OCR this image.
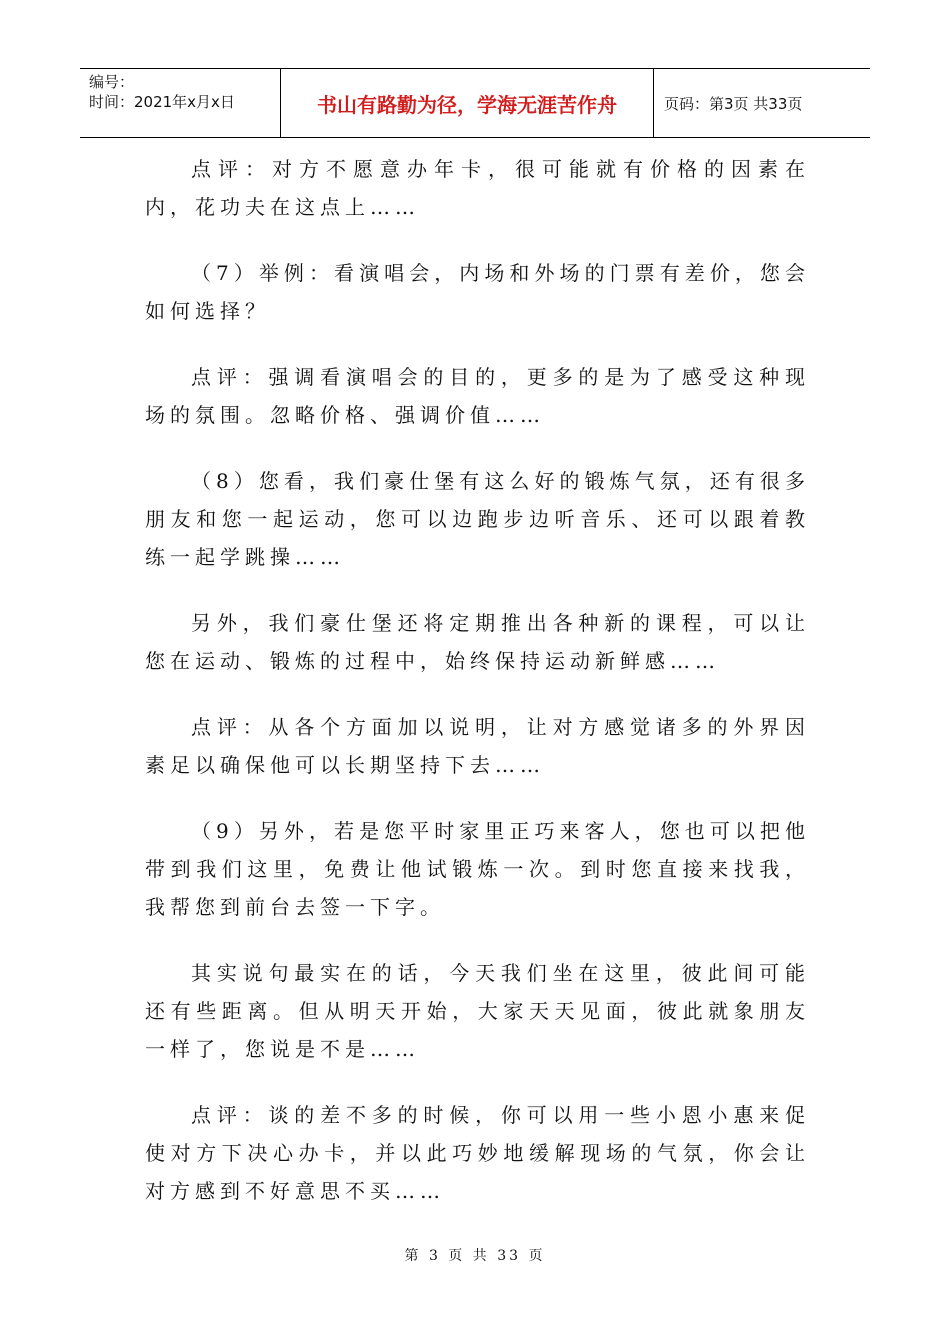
编号：
时间：2021年x月x日	书山有路勤为径，学海无涯苦作舟	页码：第3页 共33页

点评：对方不愿意办年卡，很可能就有价格的因素在内，花功夫在这点上……

（7）举例：看演唱会，内场和外场的门票有差价，您会如何选择？

点评：强调看演唱会的目的，更多的是为了感受这种现场的氛围。忽略价格、强调价值……

（8）您看，我们豪仕堡有这么好的锻炼气氛，还有很多朋友和您一起运动，您可以边跑步边听音乐、还可以跟着教练一起学跳操……

另外，我们豪仕堡还将定期推出各种新的课程，可以让您在运动、锻炼的过程中，始终保持运动新鲜感……

点评：从各个方面加以说明，让对方感觉诸多的外界因素足以确保他可以长期坚持下去……

（9）另外，若是您平时家里正巧来客人，您也可以把他带到我们这里，免费让他试锻炼一次。到时您直接来找我，我帮您到前台去签一下字。

其实说句最实在的话，今天我们坐在这里，彼此间可能还有些距离。但从明天开始，大家天天见面，彼此就象朋友一样了，您说是不是……

点评：谈的差不多的时候，你可以用一些小恩小惠来促使对方下决心办卡，并以此巧妙地缓解现场的气氛，你会让对方感到不好意思不买……

第 3 页 共 33 页
